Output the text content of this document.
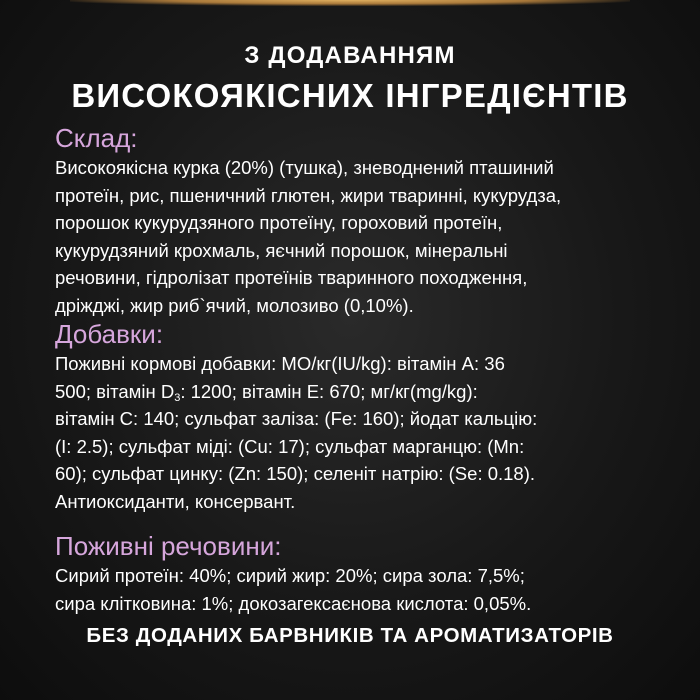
З ДОДАВАННЯМ
ВИСОКОЯКІСНИХ ІНГРЕДІЄНТІВ
Склад:
Високоякісна курка (20%) (тушка), зневоднений пташиний
протеїн, рис, пшеничний глютен, жири тваринні, кукурудза,
порошок кукурудзяного протеїну, гороховий протеїн,
кукурудзяний крохмаль, яєчний порошок, мінеральні
речовини, гідролізат протеїнів тваринного походження,
дріжджі, жир риб`ячий, молозиво (0,10%).
Добавки:
Поживні кормові добавки: МО/кг(IU/kg): вітамін А: 36
500; вітамін $D_3$: 1200; вітамін Е: 670; мг/кг(mg/kg):
вітамін С: 140; сульфат заліза: (Fe: 160); йодат кальцію:
(I: 2.5); сульфат міді: (Cu: 17); сульфат марганцю: (Mn:
60); сульфат цинку: (Zn: 150); селеніт натрію: (Se: 0.18).
Антиоксиданти, консервант.
Поживні речовини:
Сирий протеїн: 40%; сирий жир: 20%; сира зола: 7,5%;
сира клітковина: 1%; докозагексаєнова кислота: 0,05%.
БЕЗ ДОДАНИХ БАРВНИКІВ ТА АРОМАТИЗАТОРІВ
